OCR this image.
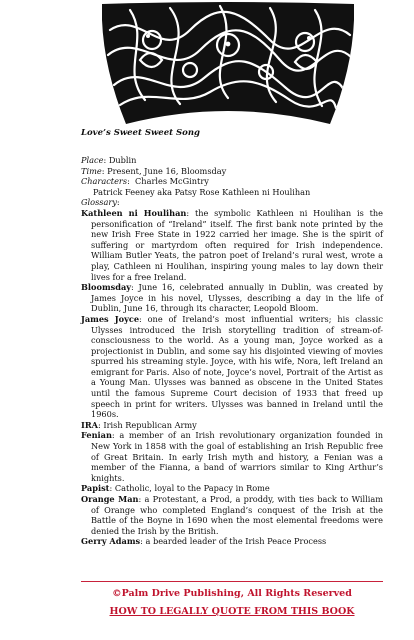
Love’s Sweet Sweet Song
Place: Dublin
Time: Present, June 16, Bloomsday
Characters:  Charles McGintry
Patrick Feeney aka Patsy Rose Kathleen ni Houlihan
Glossary:

Kathleen ni Houlihan: the symbolic Kathleen ni Houlihan is the personification of “Ireland” itself. The first bank note printed by the new Irish Free State in 1922 carried her image. She is the spirit of suffering or martyrdom often required for Irish independence. William Butler Yeats, the patron poet of Ireland’s rural west, wrote a play, Cathleen ni Houlihan, inspiring young males to lay down their lives for a free Ireland.

Bloomsday: June 16, celebrated annually in Dublin, was created by James Joyce in his novel, Ulysses, describing a day in the life of Dublin, June 16, through its character, Leopold Bloom.

James Joyce: one of Ireland’s most influential writers; his classic Ulysses introduced the Irish storytelling tradition of stream-of-consciousness to the world. As a young man, Joyce worked as a projectionist in Dublin, and some say his disjointed viewing of movies spurred his streaming style. Joyce, with his wife, Nora, left Ireland an emigrant for Paris. Also of note, Joyce’s novel, Portrait of the Artist as a Young Man. Ulysses was banned as obscene in the United States until the famous Supreme Court decision of 1933 that freed up speech in print for writers. Ulysses was banned in Ireland until the 1960s.

IRA: Irish Republican Army

Fenian: a member of an Irish revolutionary organization founded in New York in 1858 with the goal of establishing an Irish Republic free of Great Britain. In early Irish myth and history, a Fenian was a member of the Fianna, a band of warriors similar to King Arthur’s knights.

Papist: Catholic, loyal to the Papacy in Rome

Orange Man: a Protestant, a Prod, a proddy, with ties back to William of Orange who completed England’s conquest of the Irish at the Battle of the Boyne in 1690 when the most elemental freedoms were denied the Irish by the British.

Gerry Adams: a bearded leader of the Irish Peace Process

©Palm Drive Publishing, All Rights Reserved
HOW TO LEGALLY QUOTE FROM THIS BOOK
